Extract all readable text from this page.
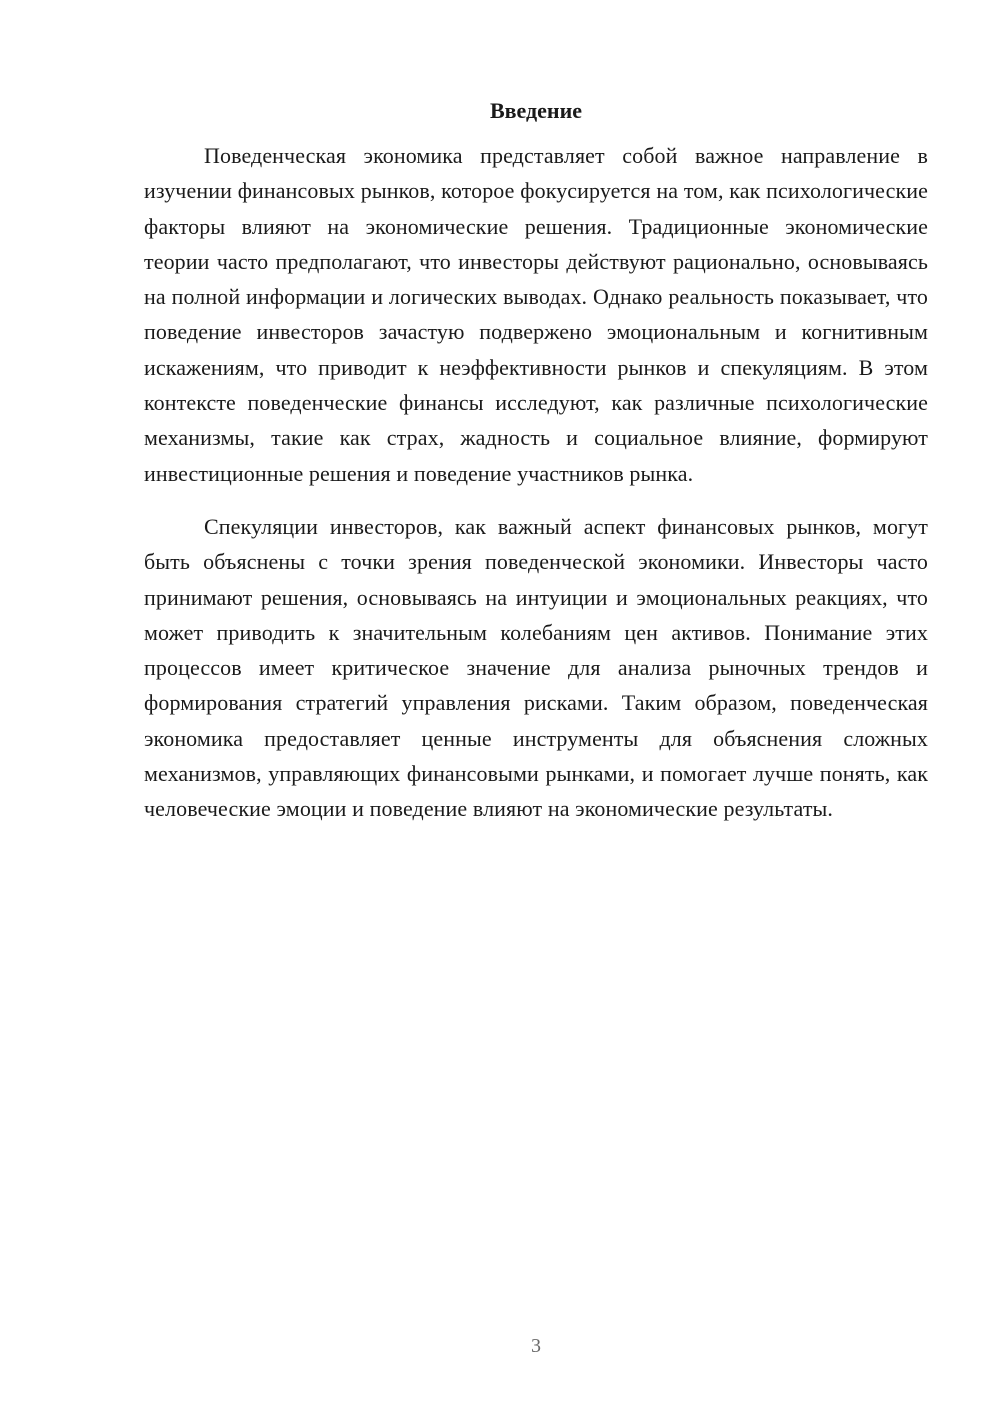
Введение

Поведенческая экономика представляет собой важное направление в изучении финансовых рынков, которое фокусируется на том, как психологические факторы влияют на экономические решения. Традиционные экономические теории часто предполагают, что инвесторы действуют рационально, основываясь на полной информации и логических выводах. Однако реальность показывает, что поведение инвесторов зачастую подвержено эмоциональным и когнитивным искажениям, что приводит к неэффективности рынков и спекуляциям. В этом контексте поведенческие финансы исследуют, как различные психологические механизмы, такие как страх, жадность и социальное влияние, формируют инвестиционные решения и поведение участников рынка.

Спекуляции инвесторов, как важный аспект финансовых рынков, могут быть объяснены с точки зрения поведенческой экономики. Инвесторы часто принимают решения, основываясь на интуиции и эмоциональных реакциях, что может приводить к значительным колебаниям цен активов. Понимание этих процессов имеет критическое значение для анализа рыночных трендов и формирования стратегий управления рисками. Таким образом, поведенческая экономика предоставляет ценные инструменты для объяснения сложных механизмов, управляющих финансовыми рынками, и помогает лучше понять, как человеческие эмоции и поведение влияют на экономические результаты.

3
